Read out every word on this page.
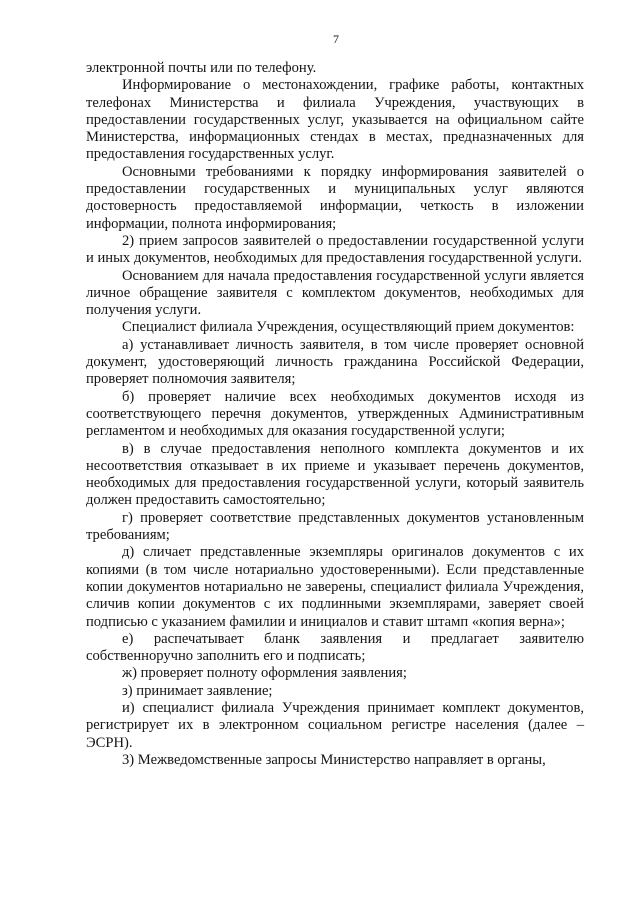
7

электронной почты или по телефону.

Информирование о местонахождении, графике работы, контактных телефонах Министерства и филиала Учреждения, участвующих в предоставлении государственных услуг, указывается на официальном сайте Министерства, информационных стендах в местах, предназначенных для предоставления государственных услуг.

Основными требованиями к порядку информирования заявителей о предоставлении государственных и муниципальных услуг являются достоверность предоставляемой информации, четкость в изложении информации, полнота информирования;

2) прием запросов заявителей о предоставлении государственной услуги и иных документов, необходимых для предоставления государственной услуги.

Основанием для начала предоставления государственной услуги является личное обращение заявителя с комплектом документов, необходимых для получения услуги.

Специалист филиала Учреждения, осуществляющий прием документов:

а) устанавливает личность заявителя, в том числе проверяет основной документ, удостоверяющий личность гражданина Российской Федерации, проверяет полномочия заявителя;

б) проверяет наличие всех необходимых документов исходя из соответствующего перечня документов, утвержденных Административным регламентом и необходимых для оказания государственной услуги;

в) в случае предоставления неполного комплекта документов и их несоответствия отказывает в их приеме и указывает перечень документов, необходимых для предоставления государственной услуги, который заявитель должен предоставить самостоятельно;

г) проверяет соответствие представленных документов установленным требованиям;

д) сличает представленные экземпляры оригиналов документов с их копиями (в том числе нотариально удостоверенными). Если представленные копии документов нотариально не заверены, специалист филиала Учреждения, сличив копии документов с их подлинными экземплярами, заверяет своей подписью с указанием фамилии и инициалов и ставит штамп «копия верна»;

е) распечатывает бланк заявления и предлагает заявителю собственноручно заполнить его и подписать;

ж) проверяет полноту оформления заявления;

з) принимает заявление;

и) специалист филиала Учреждения принимает комплект документов, регистрирует их в электронном социальном регистре населения (далее – ЭСРН).

3) Межведомственные запросы Министерство направляет в органы,
